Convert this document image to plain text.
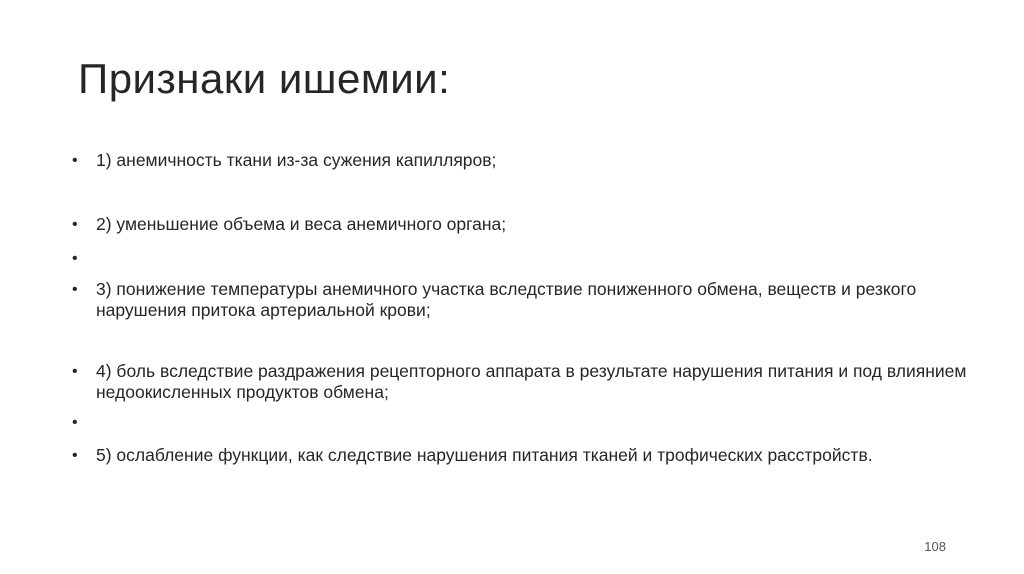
Признаки ишемии:
•	1) анемичность ткани из-за сужения капилляров;
•	2) уменьшение объема и веса анемичного органа;
•
•	3) понижение температуры анемичного участка вследствие пониженного обмена, веществ и резкого нарушения притока артериальной крови;
•	4) боль вследствие раздражения рецепторного аппарата в результате нарушения питания и под влиянием недоокисленных продуктов обмена;
•
•	5) ослабление функции, как следствие нарушения питания тканей и трофических расстройств.
108
